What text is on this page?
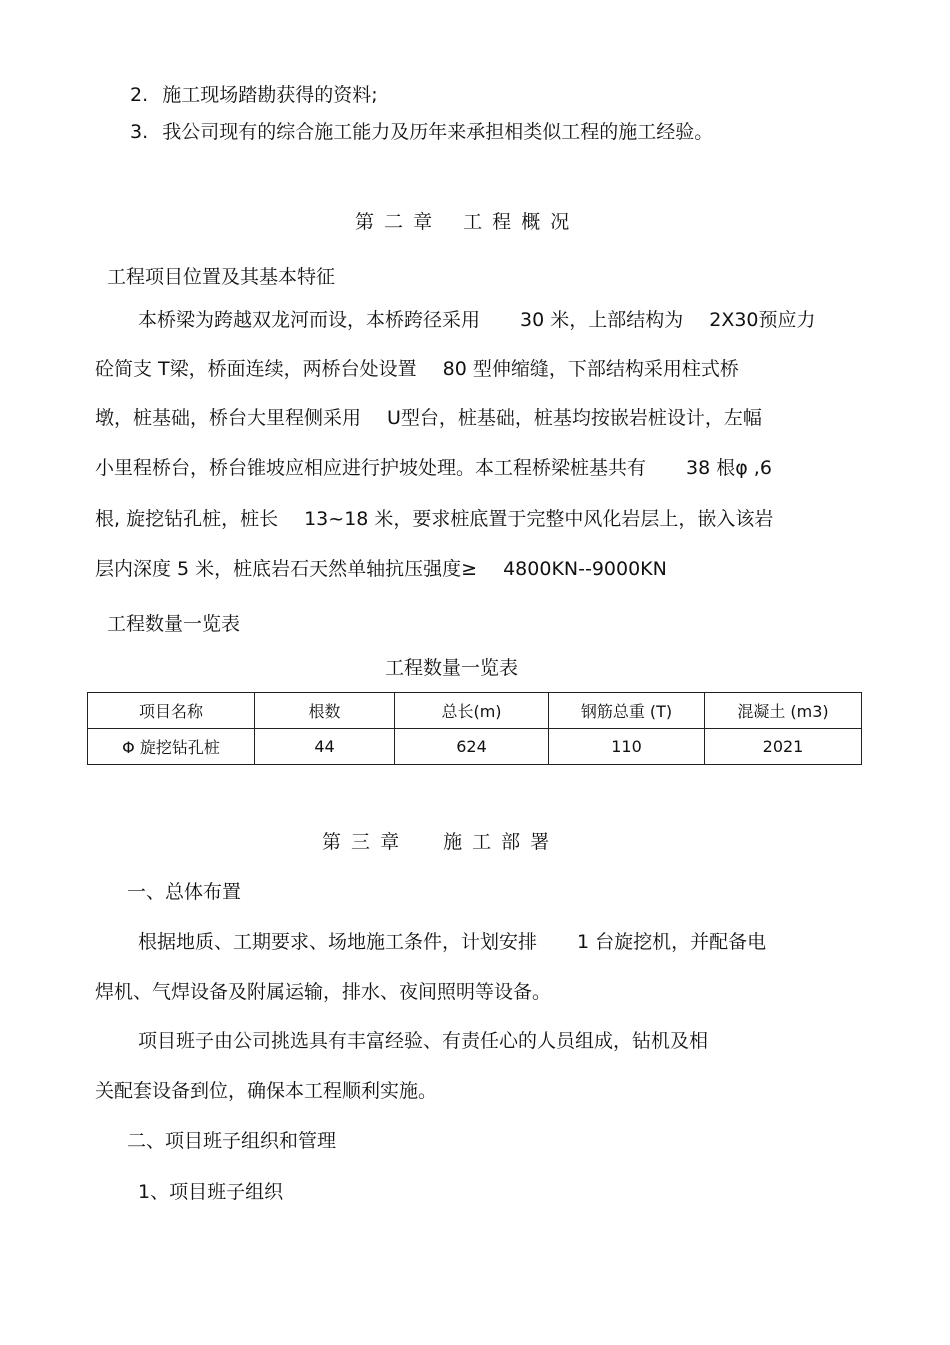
2. 施工现场踏勘获得的资料;
3. 我公司现有的综合施工能力及历年来承担相类似工程的施工经验。
第 二 章　 工 程 概 况
工程项目位置及其基本特征
本桥梁为跨越双龙河而设，本桥跨径采用 30 米，上部结构为 2X30预应力
砼简支 T梁，桥面连续，两桥台处设置 80 型伸缩缝，下部结构采用柱式桥
墩，桩基础，桥台大里程侧采用 U型台，桩基础，桩基均按嵌岩桩设计，左幅
小里程桥台，桥台锥坡应相应进行护坡处理。本工程桥梁桩基共有 38 根φ ,6
根, 旋挖钻孔桩，桩长 13~18 米，要求桩底置于完整中风化岩层上，嵌入该岩
层内深度 5 米，桩底岩石天然单轴抗压强度≥ 4800KN--9000KN
工程数量一览表
工程数量一览表
项目名称	根数	总长(m)	钢筋总重 (T)	混凝土 (m3)
Φ 旋挖钻孔桩	44	624	110	2021
第 三 章　　施 工 部 署
一、总体布置
根据地质、工期要求、场地施工条件，计划安排 1 台旋挖机，并配备电
焊机、气焊设备及附属运输，排水、夜间照明等设备。
项目班子由公司挑选具有丰富经验、有责任心的人员组成，钻机及相
关配套设备到位，确保本工程顺利实施。
二、项目班子组织和管理
1、项目班子组织
